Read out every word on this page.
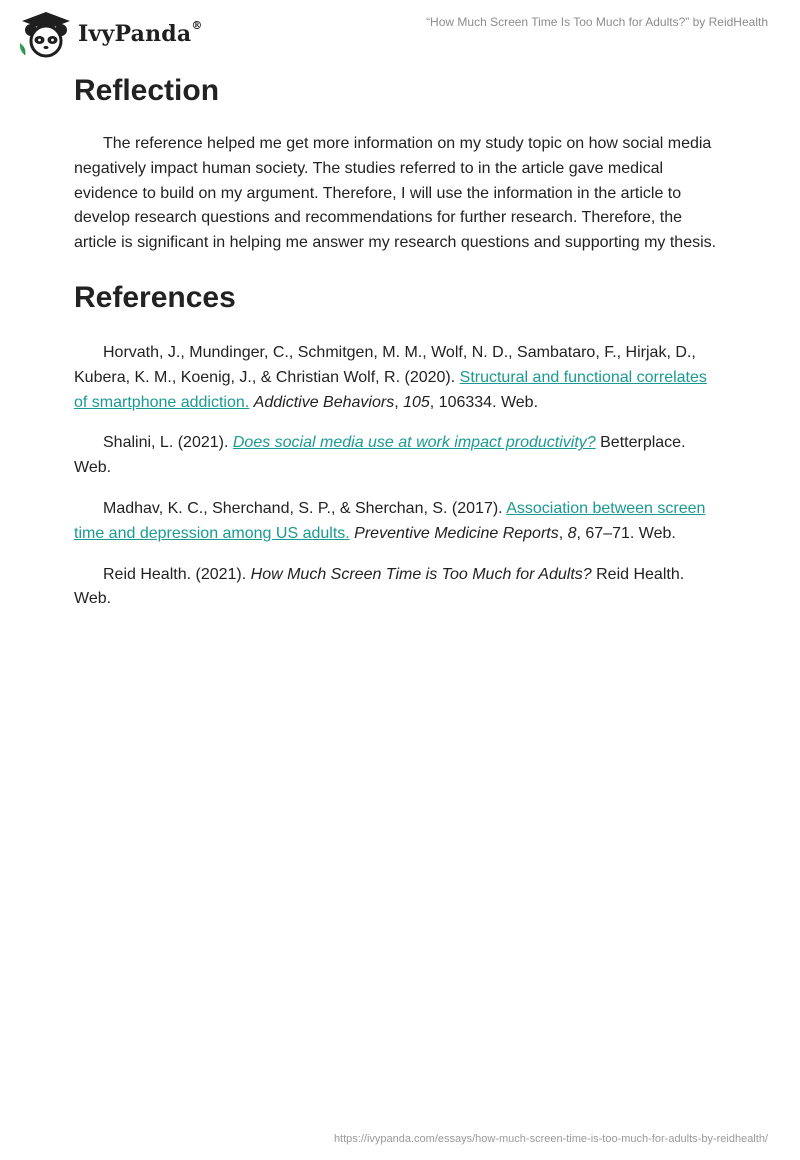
IvyPanda®	“How Much Screen Time Is Too Much for Adults?” by ReidHealth
Reflection

The reference helped me get more information on my study topic on how social media negatively impact human society. The studies referred to in the article gave medical evidence to build on my argument. Therefore, I will use the information in the article to develop research questions and recommendations for further research. Therefore, the article is significant in helping me answer my research questions and supporting my thesis.

References

Horvath, J., Mundinger, C., Schmitgen, M. M., Wolf, N. D., Sambataro, F., Hirjak, D., Kubera, K. M., Koenig, J., & Christian Wolf, R. (2020). Structural and functional correlates of smartphone addiction. Addictive Behaviors, 105, 106334. Web.

Shalini, L. (2021). Does social media use at work impact productivity? Betterplace. Web.

Madhav, K. C., Sherchand, S. P., & Sherchan, S. (2017). Association between screen time and depression among US adults. Preventive Medicine Reports, 8, 67–71. Web.

Reid Health. (2021). How Much Screen Time is Too Much for Adults? Reid Health. Web.

https://ivypanda.com/essays/how-much-screen-time-is-too-much-for-adults-by-reidhealth/
